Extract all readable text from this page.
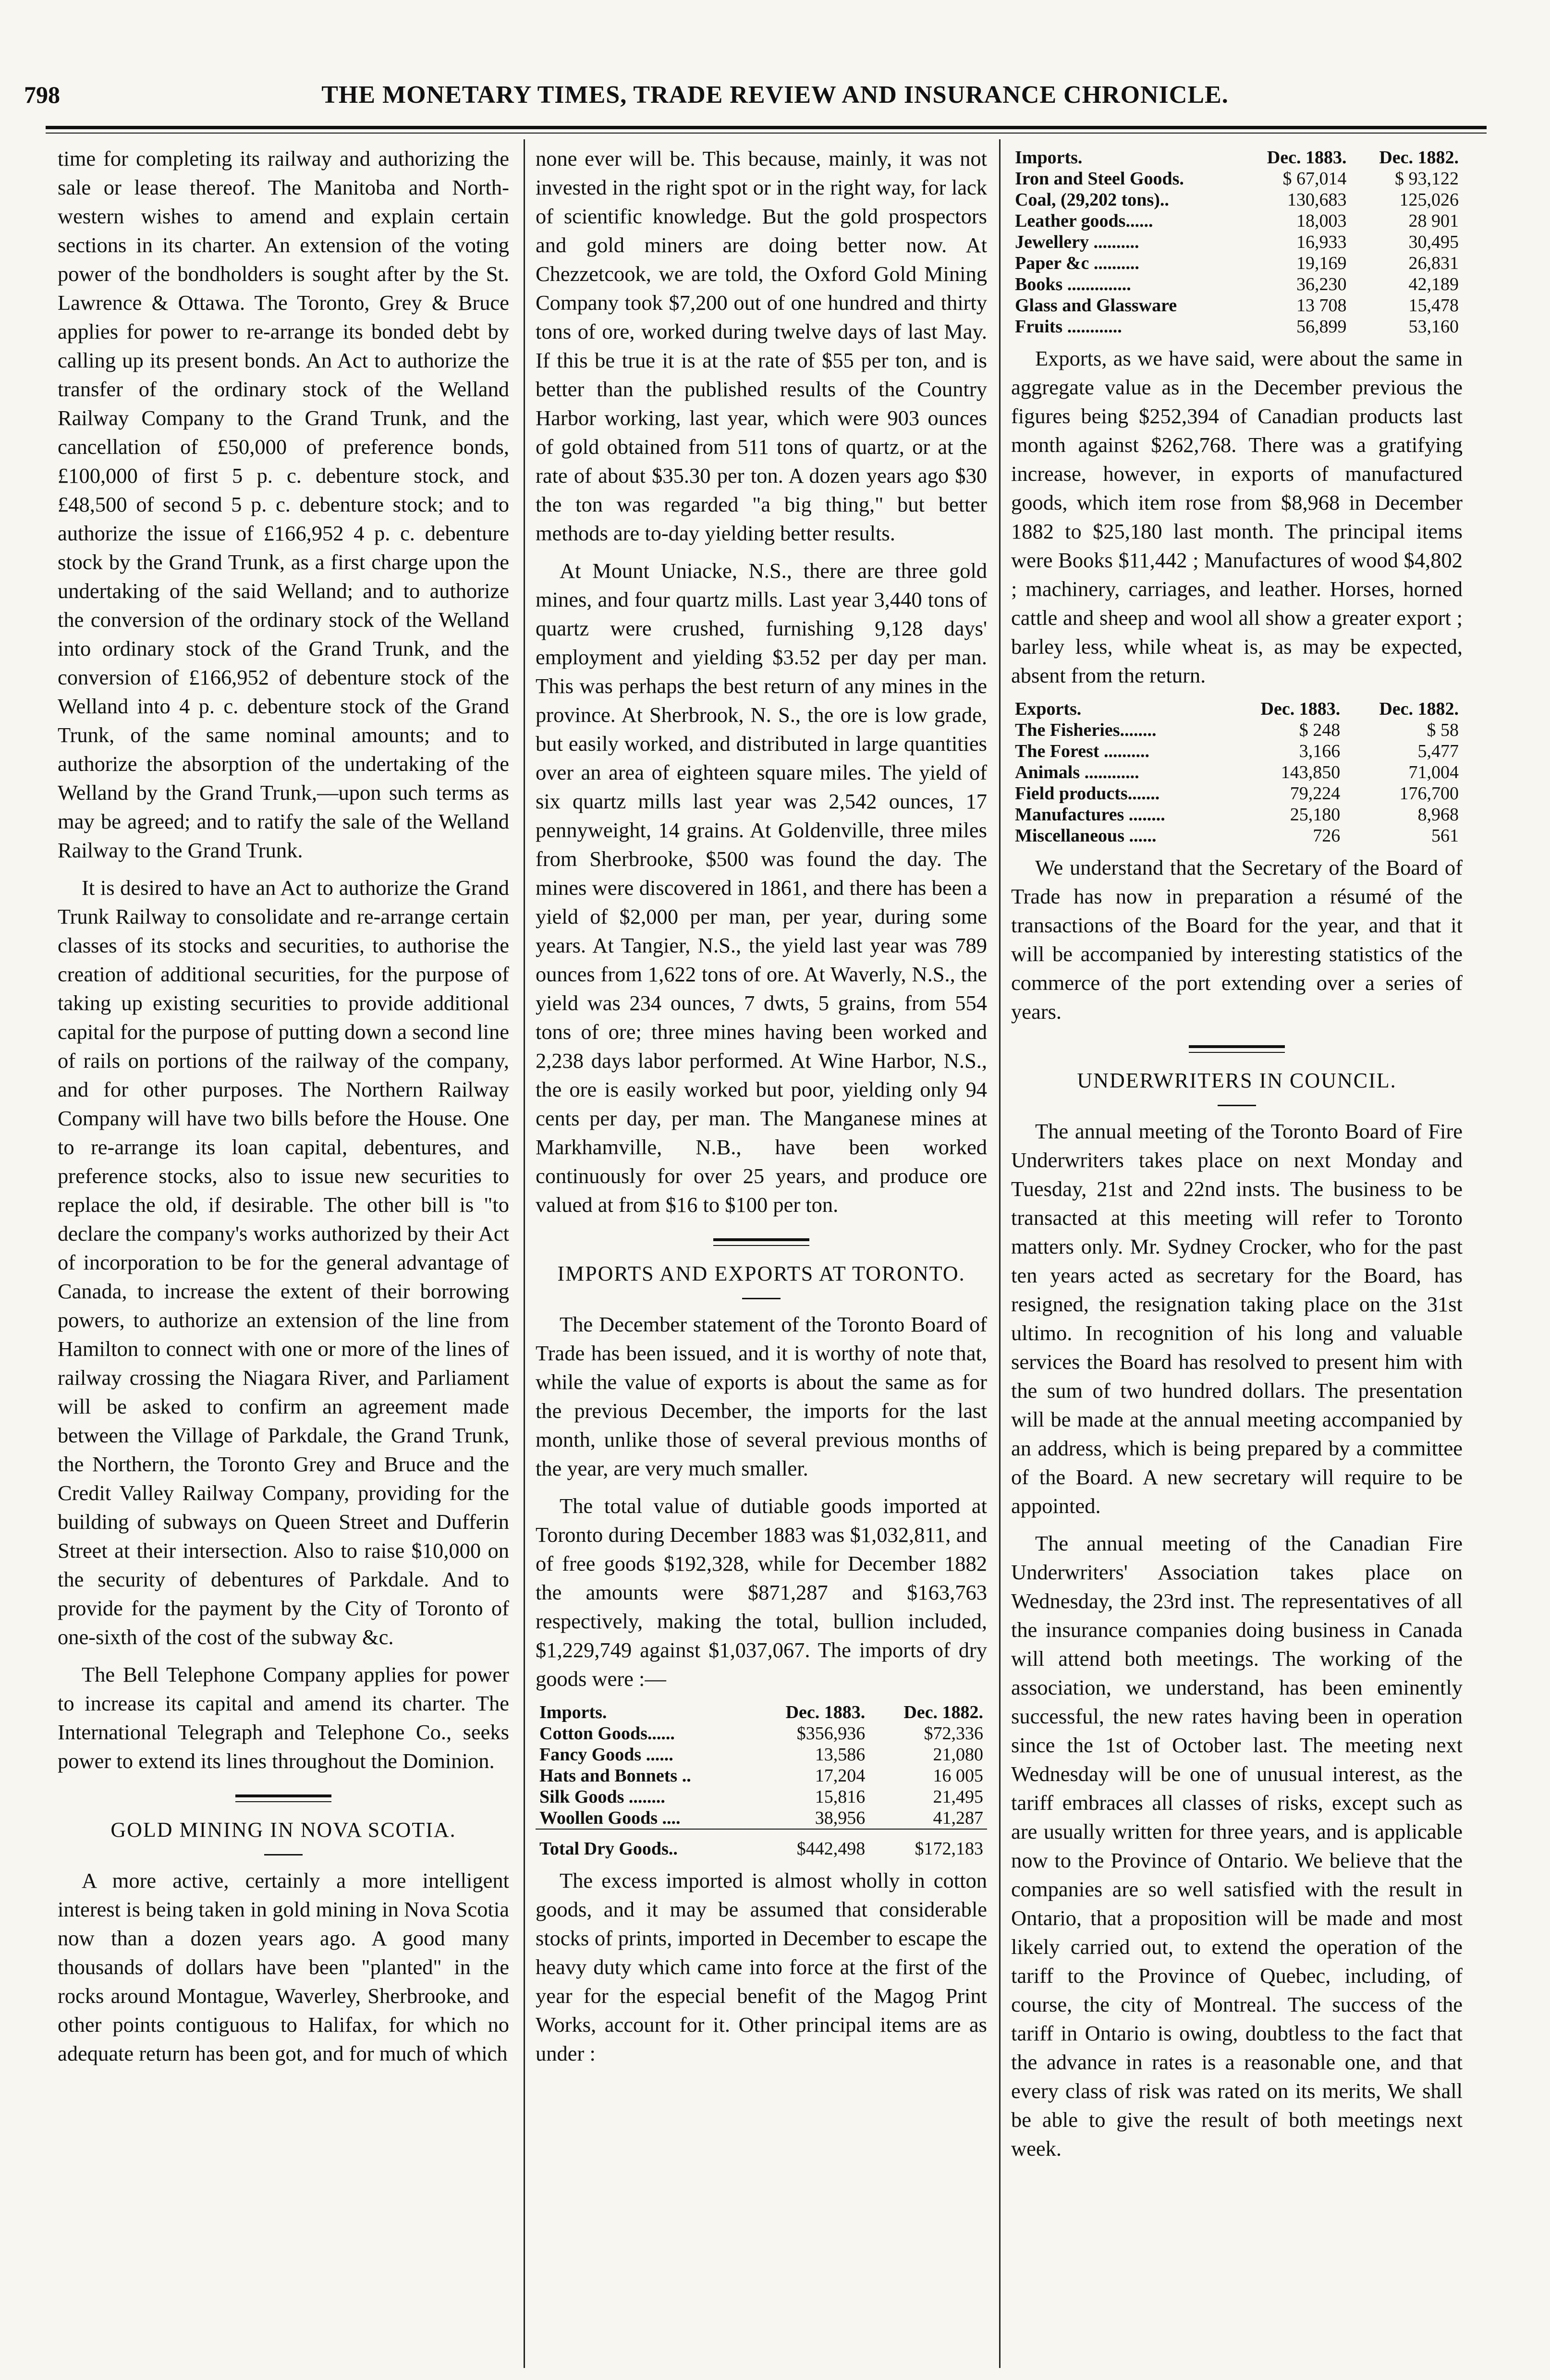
798	THE MONETARY TIMES, TRADE REVIEW AND INSURANCE CHRONICLE.

time for completing its railway and authorizing the sale or lease thereof. The Manitoba and North-western wishes to amend and explain certain sections in its charter. An extension of the voting power of the bondholders is sought after by the St. Lawrence & Ottawa. The Toronto, Grey & Bruce applies for power to re-arrange its bonded debt by calling up its present bonds. An Act to authorize the transfer of the ordinary stock of the Welland Railway Company to the Grand Trunk, and the cancellation of £50,000 of preference bonds, £100,000 of first 5 p. c. debenture stock, and £48,500 of second 5 p. c. debenture stock; and to authorize the issue of £166,952 4 p. c. debenture stock by the Grand Trunk, as a first charge upon the undertaking of the said Welland; and to authorize the conversion of the ordinary stock of the Welland into ordinary stock of the Grand Trunk, and the conversion of £166,952 of debenture stock of the Welland into 4 p. c. debenture stock of the Grand Trunk, of the same nominal amounts; and to authorize the absorption of the undertaking of the Welland by the Grand Trunk,—upon such terms as may be agreed; and to ratify the sale of the Welland Railway to the Grand Trunk.

It is desired to have an Act to authorize the Grand Trunk Railway to consolidate and re-arrange certain classes of its stocks and securities, to authorise the creation of additional securities, for the purpose of taking up existing securities to provide additional capital for the purpose of putting down a second line of rails on portions of the railway of the company, and for other purposes. The Northern Railway Company will have two bills before the House. One to re-arrange its loan capital, debentures, and preference stocks, also to issue new securities to replace the old, if desirable. The other bill is "to declare the company's works authorized by their Act of incorporation to be for the general advantage of Canada, to increase the extent of their borrowing powers, to authorize an extension of the line from Hamilton to connect with one or more of the lines of railway crossing the Niagara River, and Parliament will be asked to confirm an agreement made between the Village of Parkdale, the Grand Trunk, the Northern, the Toronto Grey and Bruce and the Credit Valley Railway Company, providing for the building of subways on Queen Street and Dufferin Street at their intersection. Also to raise $10,000 on the security of debentures of Parkdale. And to provide for the payment by the City of Toronto of one-sixth of the cost of the subway &c.

The Bell Telephone Company applies for power to increase its capital and amend its charter. The International Telegraph and Telephone Co., seeks power to extend its lines throughout the Dominion.

GOLD MINING IN NOVA SCOTIA.

A more active, certainly a more intelligent interest is being taken in gold mining in Nova Scotia now than a dozen years ago. A good many thousands of dollars have been "planted" in the rocks around Montague, Waverley, Sherbrooke, and other points contiguous to Halifax, for which no adequate return has been got, and for much of which

none ever will be. This because, mainly, it was not invested in the right spot or in the right way, for lack of scientific knowledge. But the gold prospectors and gold miners are doing better now. At Chezzetcook, we are told, the Oxford Gold Mining Company took $7,200 out of one hundred and thirty tons of ore, worked during twelve days of last May. If this be true it is at the rate of $55 per ton, and is better than the published results of the Country Harbor working, last year, which were 903 ounces of gold obtained from 511 tons of quartz, or at the rate of about $35.30 per ton. A dozen years ago $30 the ton was regarded "a big thing," but better methods are to-day yielding better results.

At Mount Uniacke, N.S., there are three gold mines, and four quartz mills. Last year 3,440 tons of quartz were crushed, furnishing 9,128 days' employment and yielding $3.52 per day per man. This was perhaps the best return of any mines in the province. At Sherbrook, N. S., the ore is low grade, but easily worked, and distributed in large quantities over an area of eighteen square miles. The yield of six quartz mills last year was 2,542 ounces, 17 pennyweight, 14 grains. At Goldenville, three miles from Sherbrooke, $500 was found the day. The mines were discovered in 1861, and there has been a yield of $2,000 per man, per year, during some years. At Tangier, N.S., the yield last year was 789 ounces from 1,622 tons of ore. At Waverly, N.S., the yield was 234 ounces, 7 dwts, 5 grains, from 554 tons of ore; three mines having been worked and 2,238 days labor performed. At Wine Harbor, N.S., the ore is easily worked but poor, yielding only 94 cents per day, per man. The Manganese mines at Markhamville, N.B., have been worked continuously for over 25 years, and produce ore valued at from $16 to $100 per ton.

IMPORTS AND EXPORTS AT TORONTO.

The December statement of the Toronto Board of Trade has been issued, and it is worthy of note that, while the value of exports is about the same as for the previous December, the imports for the last month, unlike those of several previous months of the year, are very much smaller.

The total value of dutiable goods imported at Toronto during December 1883 was $1,032,811, and of free goods $192,328, while for December 1882 the amounts were $871,287 and $163,763 respectively, making the total, bullion included, $1,229,749 against $1,037,067. The imports of dry goods were :—

Imports.	Dec. 1883.	Dec. 1882.
Cotton Goods......	$356,936	$72,336
Fancy Goods ......	13,586	21,080
Hats and Bonnets ..	17,204	16 005
Silk Goods ........	15,816	21,495
Woollen Goods ....	38,956	41,287
Total Dry Goods..	$442,498	$172,183

The excess imported is almost wholly in cotton goods, and it may be assumed that considerable stocks of prints, imported in December to escape the heavy duty which came into force at the first of the year for the especial benefit of the Magog Print Works, account for it. Other principal items are as under :

Imports.	Dec. 1883.	Dec. 1882.
Iron and Steel Goods.	$ 67,014	$ 93,122
Coal, (29,202 tons)..	130,683	125,026
Leather goods......	18,003	28 901
Jewellery ..........	16,933	30,495
Paper &c ..........	19,169	26,831
Books ..............	36,230	42,189
Glass and Glassware	13 708	15,478
Fruits ............	56,899	53,160

Exports, as we have said, were about the same in aggregate value as in the December previous the figures being $252,394 of Canadian products last month against $262,768. There was a gratifying increase, however, in exports of manufactured goods, which item rose from $8,968 in December 1882 to $25,180 last month. The principal items were Books $11,442 ; Manufactures of wood $4,802 ; machinery, carriages, and leather. Horses, horned cattle and sheep and wool all show a greater export ; barley less, while wheat is, as may be expected, absent from the return.

Exports.	Dec. 1883.	Dec. 1882.
The Fisheries........	$ 248	$ 58
The Forest ..........	3,166	5,477
Animals ............	143,850	71,004
Field products.......	79,224	176,700
Manufactures ........	25,180	8,968
Miscellaneous ......	726	561

We understand that the Secretary of the Board of Trade has now in preparation a résumé of the transactions of the Board for the year, and that it will be accompanied by interesting statistics of the commerce of the port extending over a series of years.

UNDERWRITERS IN COUNCIL.

The annual meeting of the Toronto Board of Fire Underwriters takes place on next Monday and Tuesday, 21st and 22nd insts. The business to be transacted at this meeting will refer to Toronto matters only. Mr. Sydney Crocker, who for the past ten years acted as secretary for the Board, has resigned, the resignation taking place on the 31st ultimo. In recognition of his long and valuable services the Board has resolved to present him with the sum of two hundred dollars. The presentation will be made at the annual meeting accompanied by an address, which is being prepared by a committee of the Board. A new secretary will require to be appointed.

The annual meeting of the Canadian Fire Underwriters' Association takes place on Wednesday, the 23rd inst. The representatives of all the insurance companies doing business in Canada will attend both meetings. The working of the association, we understand, has been eminently successful, the new rates having been in operation since the 1st of October last. The meeting next Wednesday will be one of unusual interest, as the tariff embraces all classes of risks, except such as are usually written for three years, and is applicable now to the Province of Ontario. We believe that the companies are so well satisfied with the result in Ontario, that a proposition will be made and most likely carried out, to extend the operation of the tariff to the Province of Quebec, including, of course, the city of Montreal. The success of the tariff in Ontario is owing, doubtless to the fact that the advance in rates is a reasonable one, and that every class of risk was rated on its merits, We shall be able to give the result of both meetings next week.
